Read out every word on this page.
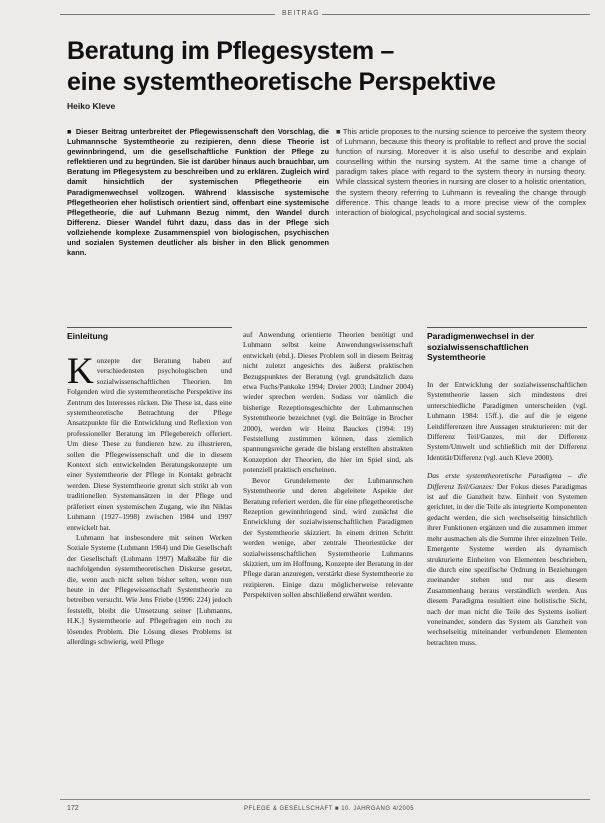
BEITRAG
Beratung im Pflegesystem –
eine systemtheoretische Perspektive
Heiko Kleve
■ Dieser Beitrag unterbreitet der Pflegewissenschaft den Vorschlag, die Luhmannsche Systemtheorie zu rezipieren, denn diese Theorie ist gewinnbringend, um die gesellschaftliche Funktion der Pflege zu reflektieren und zu begründen. Sie ist darüber hinaus auch brauchbar, um Beratung im Pflegesystem zu beschreiben und zu erklären. Zugleich wird damit hinsichtlich der systemischen Pflegetheorie ein Paradigmenwechsel vollzogen. Während klassische systemische Pflegetheorien eher holistisch orientiert sind, offenbart eine systemische Pflegetheorie, die auf Luhmann Bezug nimmt, den Wandel durch Differenz. Dieser Wandel führt dazu, dass das in der Pflege sich vollziehende komplexe Zusammenspiel von biologischen, psychischen und sozialen Systemen deutlicher als bisher in den Blick genommen kann.
■ This article proposes to the nursing science to perceive the system theory of Luhmann, because this theory is profitable to reflect and prove the social function of nursing. Moreover it is also useful to describe and explain counselling within the nursing system. At the same time a change of paradigm takes place with regard to the system theory in nursing theory. While classical system theories in nursing are closer to a holistic orientation, the system theory referring to Luhmann is revealing the change through difference. This change leads to a more precise view of the complex interaction of biological, psychological and social systems.
Einleitung

Konzepte der Beratung haben auf verschiedensten psychologischen und sozialwissenschaftlichen Theorien. Im Folgenden wird die systemtheoretische Perspektive ins Zentrum des Interesses rücken. Die These ist, dass eine systemtheoretische Betrachtung der Pflege Ansatzpunkte für die Entwicklung und Reflexion von professioneller Beratung im Pflegebereich offeriert. Um diese These zu fundieren bzw. zu illustrieren, sollen die Pflegewissenschaft und die in diesem Kontext sich entwickelnden Beratungskonzepte um einer Systemtheorie der Pflege in Kontakt gebracht werden. Diese Systemtheorie grenzt sich strikt ab von traditionellen Systemansätzen in der Pflege und präferiert einen systemischen Zugang, wie ihn Niklas Luhmann (1927–1998) zwischen 1984 und 1997 entwickelt hat.

Luhmann hat insbesondere mit seinen Werken Soziale Systeme (Luhmann 1984) und Die Gesellschaft der Gesellschaft (Luhmann 1997) Maßstäbe für die nachfolgenden systemtheoretischen Diskurse gesetzt, die, wenn auch nicht selten bisher selten, wenn nun heute in der Pflegewissenschaft Systemtheorie zu betreiben versucht. Wie Jens Friebe (1996: 224) jedoch feststellt, bleibt die Umsetzung seiner [Luhmanns, H.K.] Systemtheorie auf Pflegefragen ein noch zu lösendes Problem. Die Lösung dieses Problems ist allerdings schwierig, weil Pflege

auf Anwendung orientierte Theorien benötigt und Luhmann selbst keine Anwendungswissenschaft entwickelt (ebd.). Dieses Problem soll in diesem Beitrag nicht zuletzt angesichts des äußerst praktischen Bezugspunktes der Beratung (vgl. grundsätzlich dazu etwa Fuchs/Pankoke 1994; Dreier 2003; Lindner 2004) wieder sprechen werden. Sodass vor nämlich die bisherige Rezeptionsgeschichte der Luhmannschen Systemtheorie bezeichnet (vgl. die Beiträge in Brocher 2000), werden wir Heinz Bauckes (1994: 19) Feststellung zustimmen können, dass ziemlich spannungsreiche gerade die bislang erstellten abstrakten Konzeption der Theorien, die hier im Spiel sind, als potenziell praktisch erscheinen.

Bevor Grundelemente der Luhmannschen Systemtheorie und deren abgeleitete Aspekte der Beratung referiert werden, die für eine pflegetheoretische Rezeption gewinnbringend sind, wird zunächst die Entwicklung der sozialwissenschaftlichen Paradigmen der Systemtheorie skizziert. In einem dritten Schritt werden wenige, aber zentrale Theoriestücke der sozialwissenschaftlichen Systemtheorie Luhmanns skizziert, um im Hoffnung, Konzepte der Beratung in der Pflege daran anzuregen, verstärkt diese Systemtheorie zu rezipieren. Einige dazu möglicherweise relevante Perspektiven sollen abschließend erwähnt werden.

Paradigmenwechsel in der sozialwissenschaftlichen Systemtheorie

In der Entwicklung der sozialwissenschaftlichen Systemtheorie lassen sich mindestens drei unterschiedliche Paradigmen unterscheiden (vgl. Luhmann 1984: 15ff.), die auf die je eigene Leitdifferenzen ihre Aussagen strukturieren: mit der Differenz Teil/Ganzes, mit der Differenz System/Umwelt und schließlich mit der Differenz Identität/Differenz (vgl. auch Kleve 2000).

Das erste systemtheoretische Paradigma – die Differenz Teil/Ganzes: Der Fokus dieses Paradigmas ist auf die Ganzheit bzw. Einheit von Systemen gerichtet, in der die Teile als integrierte Komponenten gedacht werden, die sich wechselseitig hinsichtlich ihrer Funktionen ergänzen und die zusammen immer mehr ausmachen als die Summe ihrer einzelnen Teile. Emergente Systeme werden als dynamisch strukturierte Einheiten von Elementen beschrieben, die durch eine spezifische Ordnung in Beziehungen zueinander stehen und nur aus diesem Zusammenhang heraus verständlich werden. Aus diesem Paradigma resultiert eine holistische Sicht, nach der man nicht die Teile des Systems isoliert voneinander, sondern das System als Ganzheit von wechselseitig miteinander verbundenen Elementen betrachten muss.

172	PFLEGE & GESELLSCHAFT ■ 10. JAHRGANG 4/2005
